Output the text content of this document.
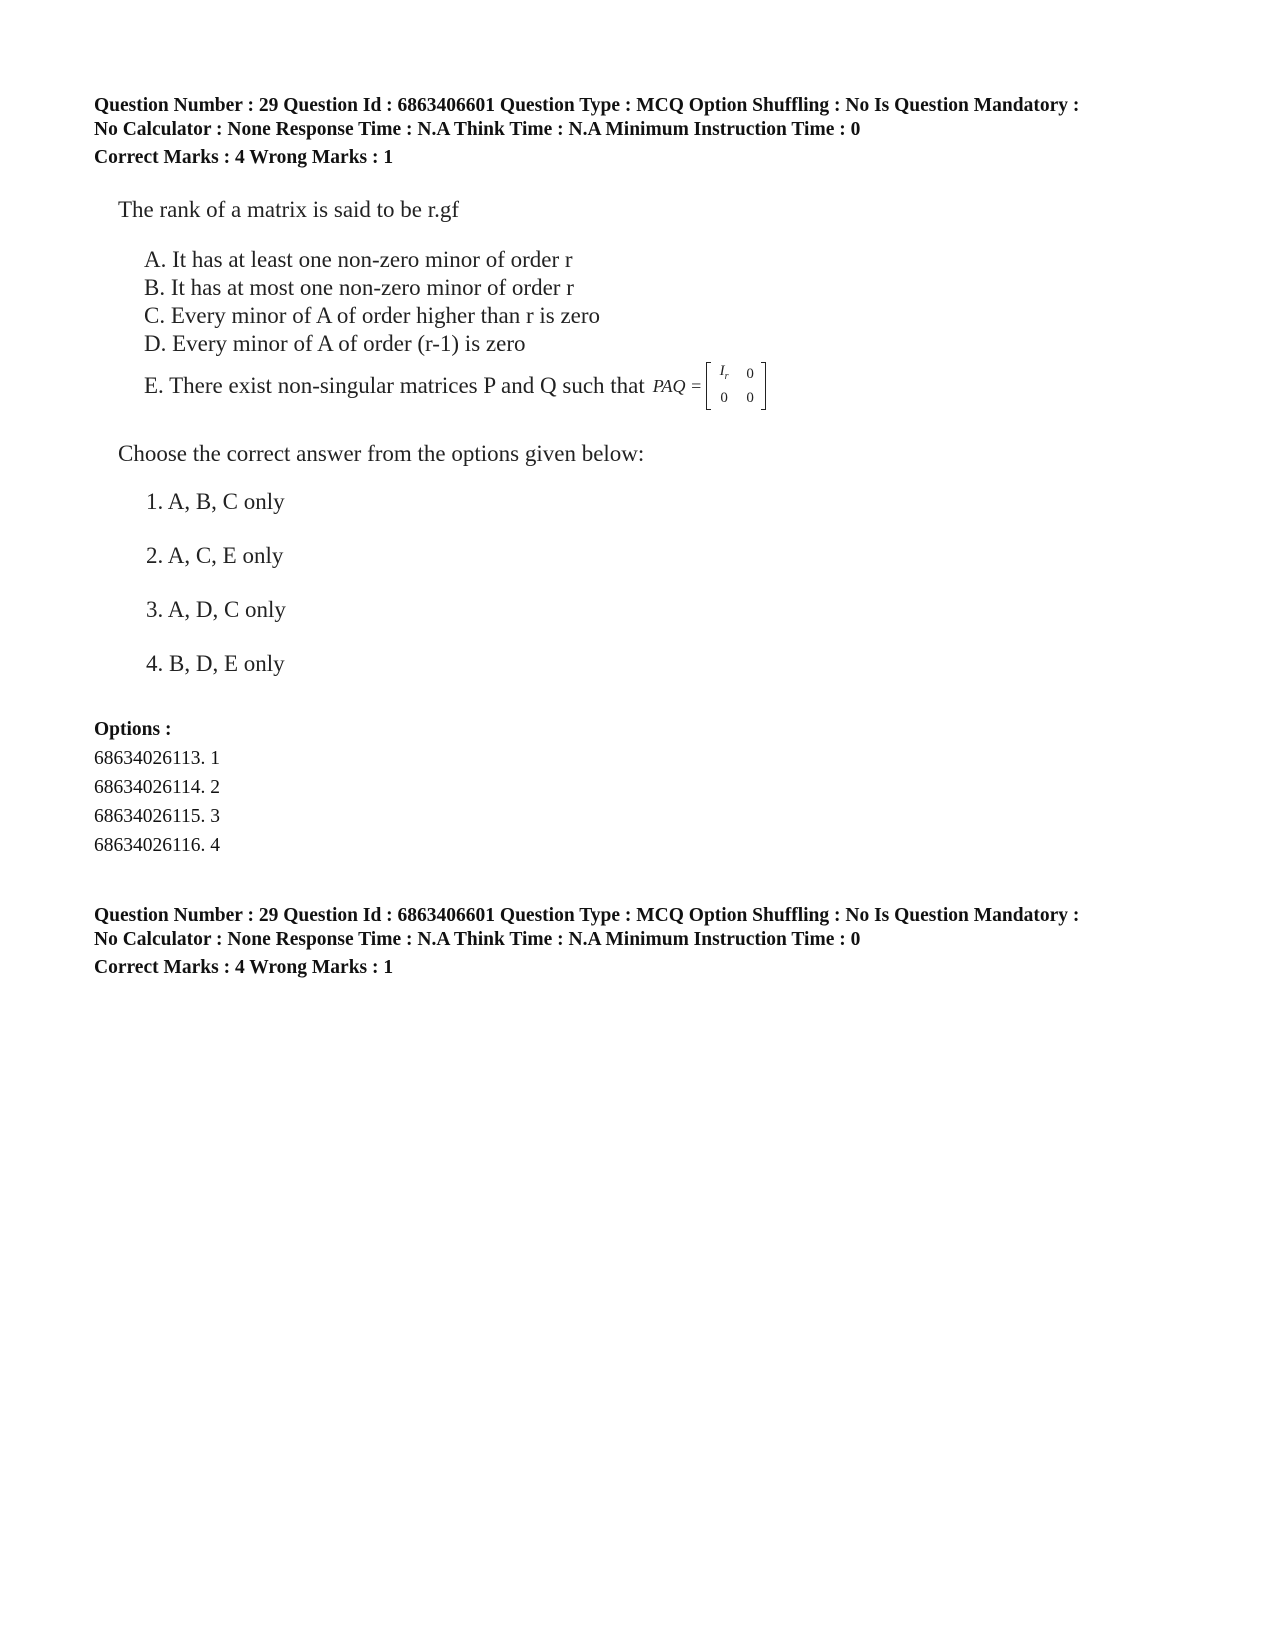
Question Number : 29 Question Id : 6863406601 Question Type : MCQ Option Shuffling : No Is Question Mandatory :
No Calculator : None Response Time : N.A Think Time : N.A Minimum Instruction Time : 0
Correct Marks : 4 Wrong Marks : 1
The rank of a matrix is said to be r.gf
A. It has at least one non-zero minor of order r
B. It has at most one non-zero minor of order r
C. Every minor of A of order higher than r is zero
D. Every minor of A of order (r-1) is zero
E. There exist non-singular matrices P and Q such that PAQ =
$I_r$	0
0	0
Choose the correct answer from the options given below:
1. A, B, C only
2. A, C, E only
3. A, D, C only
4. B, D, E only
Options :
68634026113. 1
68634026114. 2
68634026115. 3
68634026116. 4
Question Number : 29 Question Id : 6863406601 Question Type : MCQ Option Shuffling : No Is Question Mandatory :
No Calculator : None Response Time : N.A Think Time : N.A Minimum Instruction Time : 0
Correct Marks : 4 Wrong Marks : 1
